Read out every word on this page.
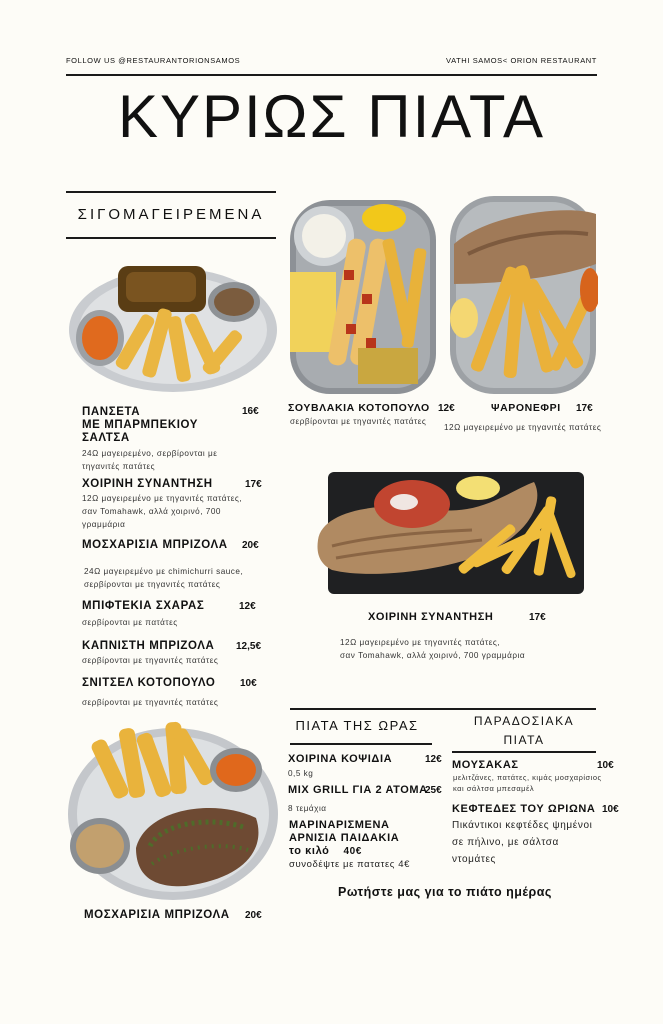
FOLLOW US @RESTAURANTORIONSAMOS	VATHI SAMOS< ORION RESTAURANT
ΚΥΡΙΩΣ ΠΙΑΤΑ
ΣΙΓΟΜΑΓΕΙΡΕΜΕΝΑ
ΠΑΝΣΕΤΑ
ΜΕ ΜΠΑΡΜΠΕΚΙΟΥ
ΣΑΛΤΣΑ
16€
24Ω μαγειρεμένο, σερβίρονται με
τηγανιτές πατάτες
ΧΟΙΡΙΝΗ ΣΥΝΑΝΤΗΣΗ	17€
12Ω μαγειρεμένο με τηγανιτές πατάτες,
σαν Tomahawk, αλλά χοιρινό, 700
γραμμάρια
ΜΟΣΧΑΡΙΣΙΑ ΜΠΡΙΖΟΛΑ 20€
24Ω μαγειρεμένο με chimichurri sauce,
σερβίρονται με τηγανιτές πατάτες
ΜΠΙΦΤΕΚΙΑ ΣΧΑΡΑΣ	12€
σερβίρονται με πατάτες
ΚΑΠΝΙΣΤΗ ΜΠΡΙΖΟΛΑ 12,5€
σερβίρονται με τηγανιτές πατάτες
ΣΝΙΤΣΕΛ ΚΟΤΟΠΟΥΛΟ 10€
σερβίρονται με τηγανιτές πατάτες
ΜΟΣΧΑΡΙΣΙΑ ΜΠΡΙΖΟΛΑ 20€
ΣΟΥΒΛΑΚΙΑ ΚΟΤΟΠΟΥΛΟ 12€
σερβίρονται με τηγανιτές πατάτες
ΨΑΡΟΝΕΦΡΙ 17€
12Ω μαγειρεμένο με τηγανιτές πατάτες
ΧΟΙΡΙΝΗ ΣΥΝΑΝΤΗΣΗ	17€
12Ω μαγειρεμένο με τηγανιτές πατάτες,
σαν Tomahawk, αλλά χοιρινό, 700 γραμμάρια
ΠΙΑΤΑ ΤΗΣ ΩΡΑΣ	ΠΑΡΑΔΟΣΙΑΚΑ
ΠΙΑΤΑ
ΧΟΙΡΙΝΑ ΚΟΨΙΔΙΑ	12€
0,5 kg
MIX GRILL ΓΙΑ 2 ΑΤΟΜΑ
25€
8 τεμάχια
ΜΑΡΙΝΑΡΙΣΜΕΝΑ
ΑΡΝΙΣΙΑ ΠΑΙΔΑΚΙΑ
το κιλό 40€
συνοδέψτε με πατατες 4€
ΜΟΥΣΑΚΑΣ	10€
μελιτζάνες, πατάτες, κιμάς μοσχαρίσιος
και σάλτσα μπεσαμέλ
ΚΕΦΤΕΔΕΣ ΤΟΥ ΩΡΙΩΝΑ 10€
Πικάντικοι κεφτέδες ψημένοι
σε πήλινο, με σάλτσα
ντομάτες
Ρωτήστε μας για το πιάτο ημέρας
